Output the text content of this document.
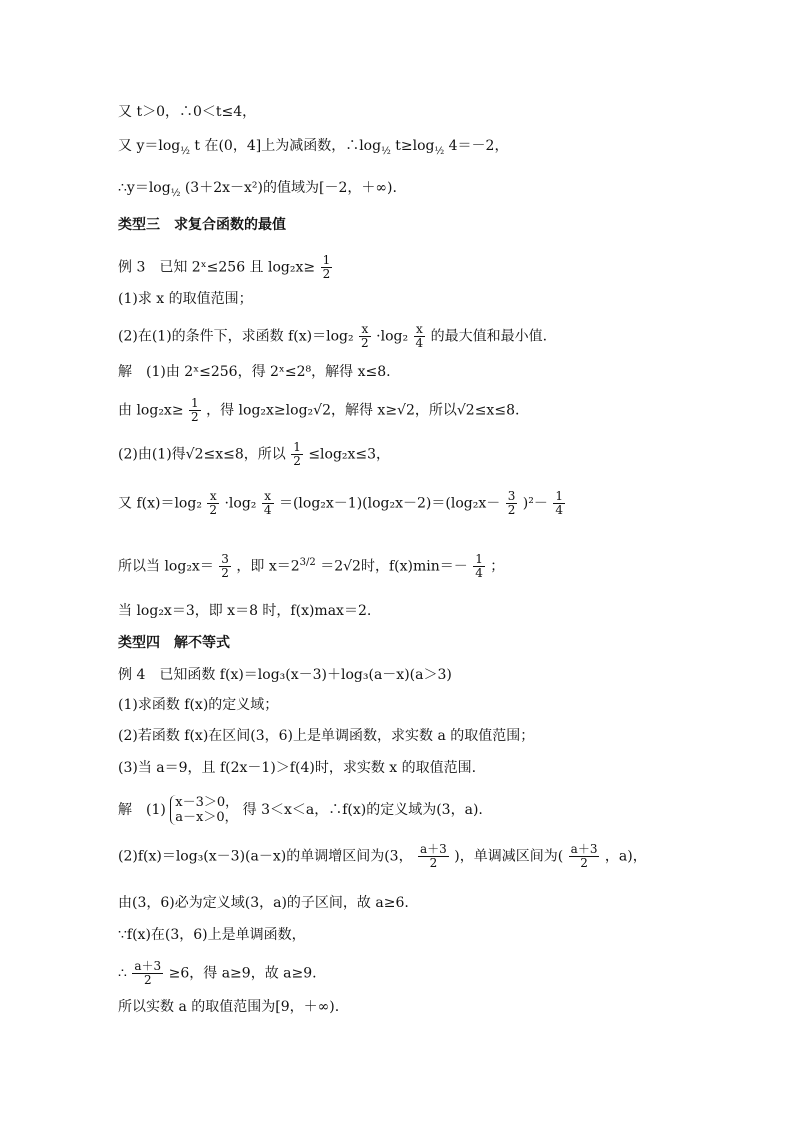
又 t＞0，∴0＜t≤4，
又 $y=\log_{\frac{1}{2}}$ t 在(0，4]上为减函数，$\therefore\log_{\frac{1}{2}}$ $t\ge\log_{\frac{1}{2}}$ 4＝－2，
$\therefore y=\log_{\frac{1}{2}}$ (3＋2x－x²)的值域为[－2，＋∞).
类型三　求复合函数的最值
例 3　已知 2ˣ≤256 且 $\log_2x\ge \frac{1}{2}$
(1)求 x 的取值范围；
(2)在(1)的条件下，求函数 $f(x)=\log_2 \frac{x}{2} \cdot\log_2 \frac{x}{4}$ 的最大值和最小值.
解　(1)由 2ˣ≤256，得 2ˣ≤2⁸，解得 x≤8.
由 $\log_2x\ge \frac{1}{2}$ ，得 log₂x≥log₂√2，解得 x≥√2，所以√2≤x≤8.
(2)由(1)得√2≤x≤8，所以 $\frac{1}{2} \le\log_2x\le 3$，
又 $f(x)=\log_2 \frac{x}{2} \cdot\log_2 \frac{x}{4} =(\log_2x-1)(\log_2x-2)=(\log_2x- \frac{3}{2} )^2- \frac{1}{4}$
所以当 $\log_2x= \frac{3}{2}$ ，即 $x=2^{3/2} =2√2$时，$f(x)\min=- \frac{1}{4}$ ；
当 log₂x＝3，即 x＝8 时，f(x)max＝2.
类型四　解不等式
例 4　已知函数 f(x)＝log₃(x－3)＋log₃(a－x)(a＞3)
(1)求函数 f(x)的定义域；
(2)若函数 f(x)在区间(3，6)上是单调函数，求实数 a 的取值范围；
(3)当 a＝9，且 f(2x－1)＞f(4)时，求实数 x 的取值范围.
解　(1) x－3＞0，
a－x＞0， 得 3＜x＜a，∴f(x)的定义域为(3，a).
(2)f(x)＝log₃(x－3)(a－x)的单调增区间为(3， $\frac{a+3}{2}$ )，单调减区间为( $\frac{a+3}{2}$ ，a)，
由(3，6)必为定义域(3，a)的子区间，故 a≥6.
∵f(x)在(3，6)上是单调函数，
∴ $\frac{a+3}{2} \ge 6$，得 a≥9，故 a≥9.
所以实数 a 的取值范围为[9，＋∞).
